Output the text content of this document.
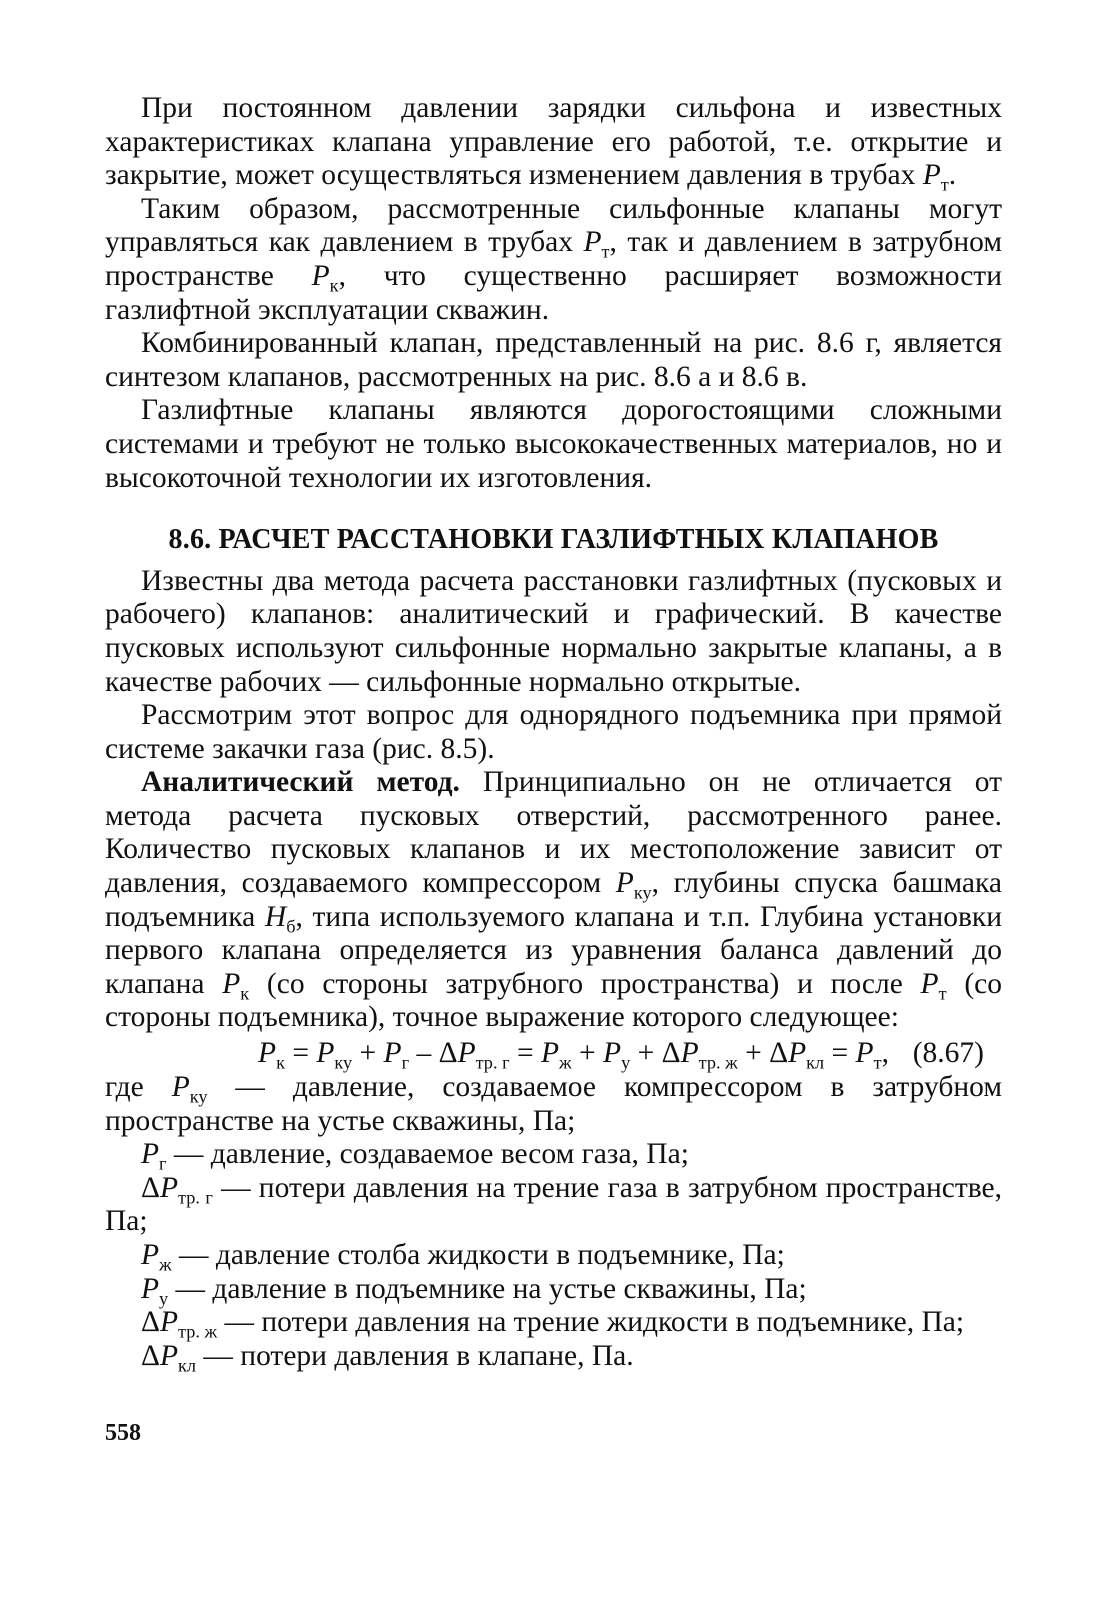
При постоянном давлении зарядки сильфона и известных характеристиках клапана управление его работой, т.е. открытие и закрытие, может осуществляться изменением давления в трубах $P_т$.

Таким образом, рассмотренные сильфонные клапаны могут управляться как давлением в трубах $P_т$, так и давлением в затрубном пространстве $P_к$, что существенно расширяет возможности газлифтной эксплуатации скважин.

Комбинированный клапан, представленный на рис. 8.6 г, является синтезом клапанов, рассмотренных на рис. 8.6 а и 8.6 в.

Газлифтные клапаны являются дорогостоящими сложными системами и требуют не только высококачественных материалов, но и высокоточной технологии их изготовления.

8.6. РАСЧЕТ РАССТАНОВКИ ГАЗЛИФТНЫХ КЛАПАНОВ

Известны два метода расчета расстановки газлифтных (пусковых и рабочего) клапанов: аналитический и графический. В качестве пусковых используют сильфонные нормально закрытые клапаны, а в качестве рабочих — сильфонные нормально открытые.

Рассмотрим этот вопрос для однорядного подъемника при прямой системе закачки газа (рис. 8.5).

Аналитический метод. Принципиально он не отличается от метода расчета пусковых отверстий, рассмотренного ранее. Количество пусковых клапанов и их местоположение зависит от давления, создаваемого компрессором $P_{ку}$, глубины спуска башмака подъемника $H_б$, типа используемого клапана и т.п. Глубина установки первого клапана определяется из уравнения баланса давлений до клапана $P_к$ (со стороны затрубного пространства) и после $P_т$ (со стороны подъемника), точное выражение которого следующее:

$P_к = P_{ку} + P_г - \Delta P_{тр. г} = P_ж + P_у + \Delta P_{тр. ж} + \Delta P_{кл} = P_т$, (8.67)

где $P_{ку}$ — давление, создаваемое компрессором в затрубном пространстве на устье скважины, Па;

$P_г$ — давление, создаваемое весом газа, Па;

$\Delta P_{тр. г}$ — потери давления на трение газа в затрубном пространстве, Па;

$P_ж$ — давление столба жидкости в подъемнике, Па;

$P_у$ — давление в подъемнике на устье скважины, Па;

$\Delta P_{тр. ж}$ — потери давления на трение жидкости в подъемнике, Па;

$\Delta P_{кл}$ — потери давления в клапане, Па.

558
